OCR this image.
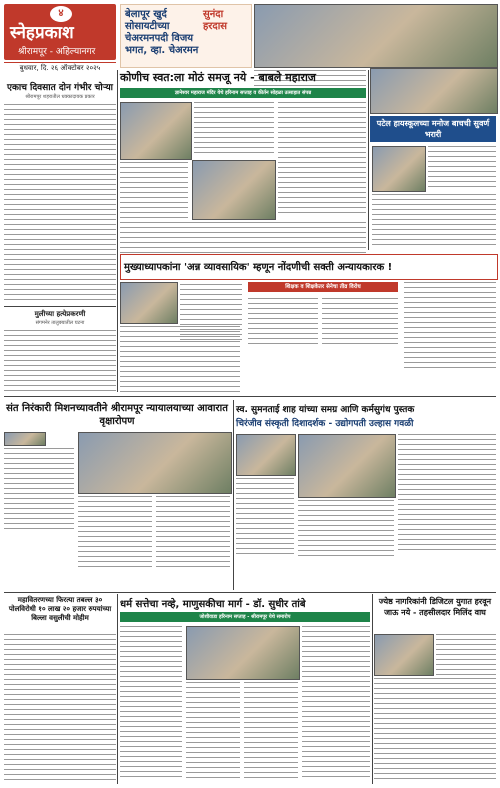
४
स्नेहप्रकाश
श्रीरामपूर - अहिल्यानगर
बुधवार, दि. २६ ऑक्टोबर २०२५
बेलापूर खुर्द सोसायटीच्या चेअरमनपदी विजय भगत, व्हा. चेअरमन
सुनंदा हरदास
एकाच दिवसात दोन गंभीर चोऱ्या
श्रीरामपूर शहरातील धक्कादायक प्रकार
मुलीच्या हत्येप्रकरणी
संगमनेर तालुक्यातील घटना
कोणीच स्वत:ला मोठं समजू नये - बाबले महाराज
ज्ञानेश्वर महाराज मंदिर येथे हरिनाम सप्ताह व कीर्तन सोहळा उत्साहात संपन्न
पटेल हायस्कूलच्या मनोज बाचची सुवर्ण भरारी
मुख्याध्यापकांना 'अन्न व्यावसायिक' म्हणून नोंदणीची सक्ती अन्यायकारक !
शिक्षक व शिक्षकेतर सेनेचा तीव्र विरोध
संत निरंकारी मिशनच्यावतीने श्रीरामपूर न्यायालयाच्या आवारात वृक्षारोपण
स्व. सुमनताई शाह यांच्या समग्र आणि कर्मसुगंध पुस्तक
चिरंजीव संस्कृती दिशादर्शक - उद्योगपती उल्हास गवळी
महावितरणच्या फिरत्या तबल्ल ३० पोलविरोधी १० लाख २० हजार रुपयांच्या बिल्ला वसुलीची मोहीम
धर्म सत्तेचा नव्हे, माणुसकीचा मार्ग - डॉ. सुधीर तांबे
जोशीवाडा हरिनाम सप्ताह - श्रीरामपूर येथे समारोप
ज्येष्ठ नागरिकांनी डिजिटल युगात हरवून जाऊ नये - तहसीलदार मिलिंद वाघ
